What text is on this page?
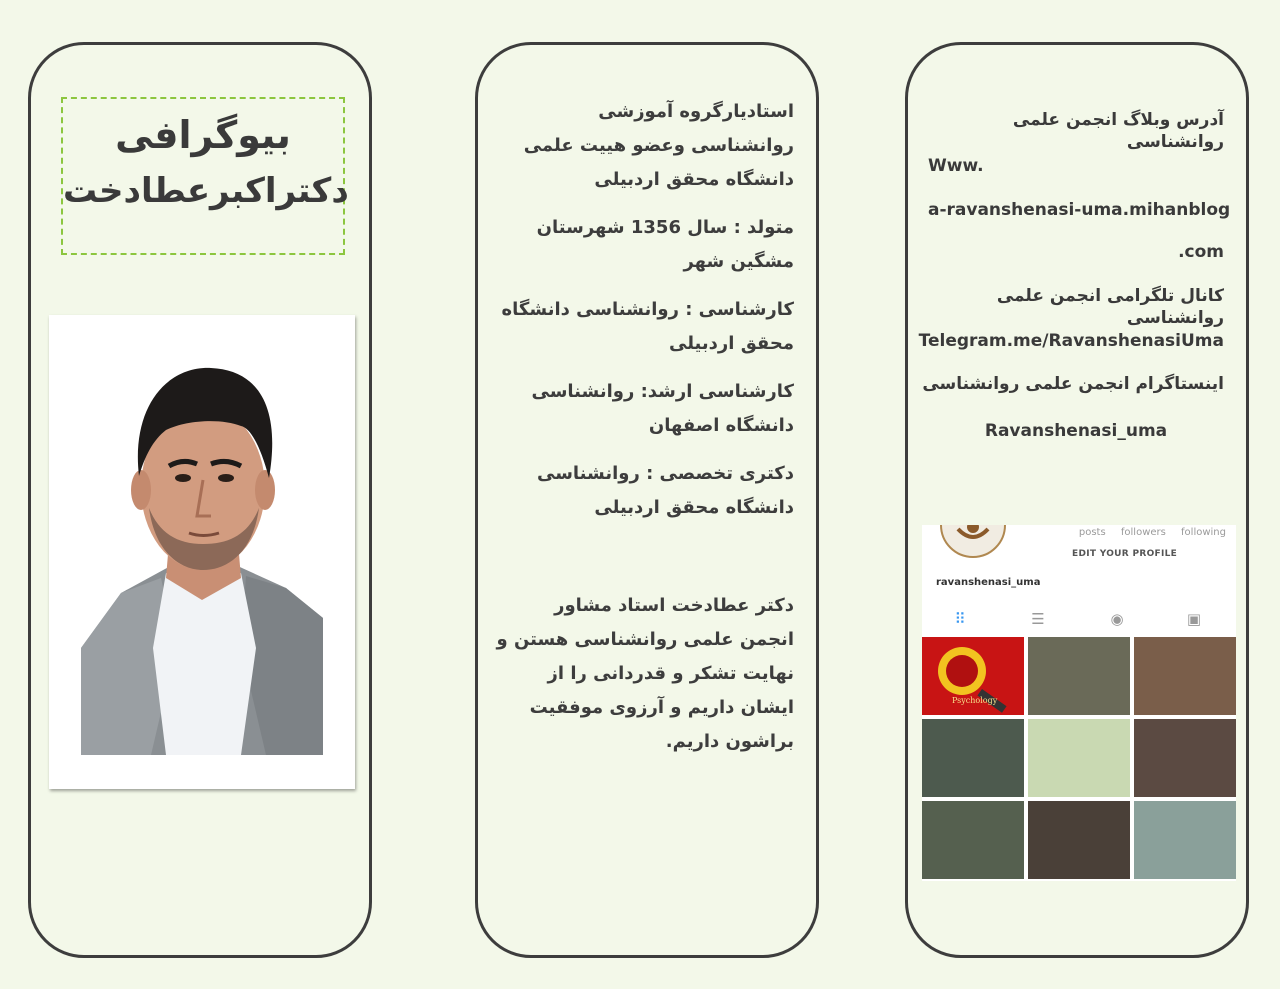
بیوگرافی
دکتراکبرعطادخت
استادیارگروه آموزشی روانشناسی وعضو هییت علمی دانشگاه محقق اردبیلی
متولد : سال 1356 شهرستان مشگین شهر
کارشناسی : روانشناسی دانشگاه محقق اردبیلی
کارشناسی ارشد: روانشناسی دانشگاه اصفهان
دکتری تخصصی : روانشناسی دانشگاه محقق اردبیلی
دکتر عطادخت استاد مشاور انجمن علمی روانشناسی هستن و نهایت تشکر و قدردانی را از ایشان داریم و آرزوی موفقیت براشون داریم.
آدرس وبلاگ انجمن علمی روانشناسی
Www.
a-ravanshenasi-uma.mihanblog
.com
کانال تلگرامی انجمن علمی روانشناسی
Telegram.me/RavanshenasiUma
اینستاگرام انجمن علمی روانشناسی
Ravanshenasi_uma
posts followers following
EDIT YOUR PROFILE
ravanshenasi_uma
⠿	☰	◉	▣
Psychology
